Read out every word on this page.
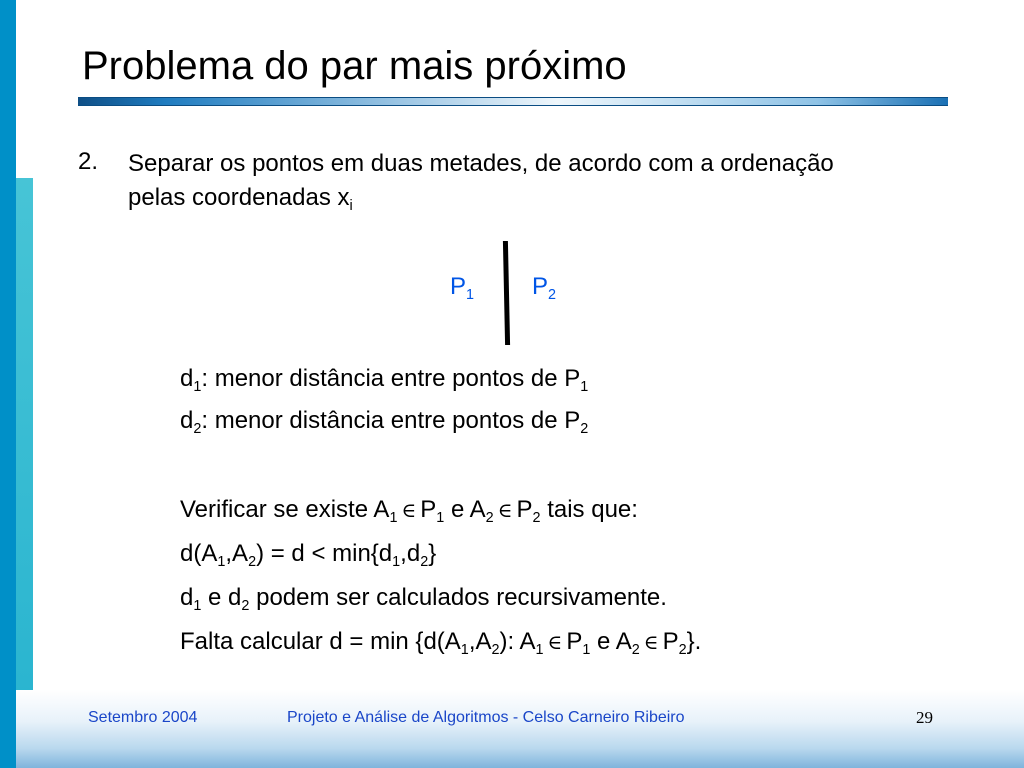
Problema do par mais próximo
2. Separar os pontos em duas metades, de acordo com a ordenação pelas coordenadas $x_i$
$P_1$ $P_2$
$d_1$: menor distância entre pontos de $P_1$
$d_2$: menor distância entre pontos de $P_2$
Verificar se existe $A_1$ ∈ $P_1$ e $A_2$ ∈ $P_2$ tais que:
$d(A_1,A_2) = d < \min\{d_1,d_2\}$
$d_1$ e $d_2$ podem ser calculados recursivamente.
Falta calcular $d = \min \{d(A_1,A_2)$: $A_1$ ∈ $P_1$ e $A_2$ ∈ $P_2$}.
Setembro 2004	Projeto e Análise de Algoritmos - Celso Carneiro Ribeiro	29
